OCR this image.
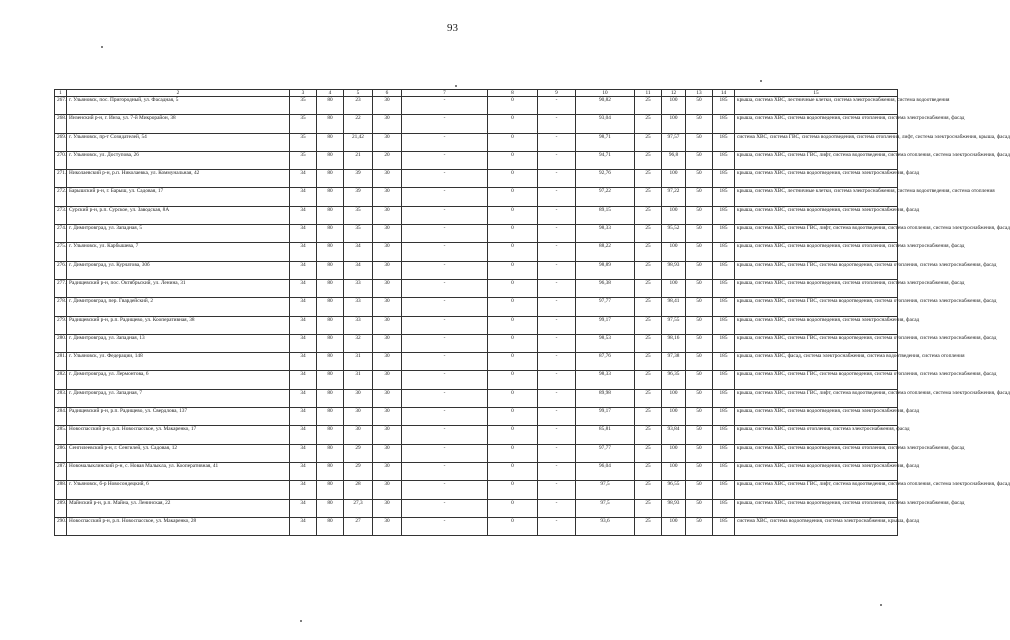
93
1	2	3	4	5	6	7	8	9	10	11	12	13	14	15
267.	г. Ульяновск, пос. Пригородный, ул. Фасадная, 5	35	80	23	30	-	0	-	90,82	25	100	50	185	крыша, система ХВС, лестничные клетки, система электроснабжения, система водоотведения
268.	Инзенский р-н, г. Инза, ул. 7-й Микрорайон, 38	35	80	22	30	-	0	-	93,04	25	100	50	185	крыша, система ХВС, система водоотведения, система отопления, система электроснабжения, фасад
269.	г. Ульяновск, пр-т Созидателей, 54	35	80	21,42	30	-	0	-	98,71	25	97,57	50	185	система ХВС, система ГВС, система водоотведения, система отопления, лифт, система электроснабжения, крыша, фасад
270.	г. Ульяновск, ул. Доступова, 26	35	80	21	20	-	0	-	94,71	25	96,8	50	185	крыша, система ХВС, система ГВС, лифт, система водоотведения, система отопления, система электроснабжения, фасад
271.	Николаевский р-н, р.п. Николаевка, ул. Коммунальная, 42	34	80	39	30	-	0	-	92,76	25	100	50	185	крыша, система ХВС, система водоотведения, система электроснабжения, фасад
272.	Барышский р-н, г. Барыш, ул. Садовая, 17	34	80	39	30	-	0	-	97,22	25	97,22	50	185	крыша, система ХВС, лестничные клетки, система электроснабжения, система водоотведения, система отопления
273.	Сурский р-н, р.п. Сурское, ул. Заводская, 8А	34	80	35	30	-	0	-	89,15	25	100	50	185	крыша, система ХВС, система водоотведения, система электроснабжения, фасад
274.	г. Димитровград, ул. Западная, 5	34	80	35	30	-	0	-	98,33	25	95,52	50	185	крыша, система ХВС, система ГВС, лифт, система водоотведения, система отопления, система электроснабжения, фасад
275.	г. Ульяновск, ул. Карбышева, 7	34	80	34	30	-	0	-	88,22	25	100	50	185	крыша, система ХВС, система водоотведения, система отопления, система электроснабжения, фасад
276.	г. Димитровград, ул. Курчатова, 30б	34	80	34	30	-	0	-	98,89	25	98,93	50	185	крыша, система ХВС, система ГВС, система водоотведения, система отопления, система электроснабжения, фасад
277.	Радищевский р-н, пос. Октябрьский, ул. Ленина, 31	34	80	33	30	-	0	-	96,38	25	100	50	185	крыша, система ХВС, система водоотведения, система отопления, система электроснабжения, фасад
278.	г. Димитровград, пер. Гвардейский, 2	34	80	33	30	-	0	-	97,77	25	98,41	50	185	крыша, система ХВС, система ГВС, система водоотведения, система отопления, система электроснабжения, фасад
279.	Радищевский р-н, р.п. Радищево, ул. Кооперативная, 38	34	80	33	30	-	0	-	99,17	25	97,55	50	185	крыша, система ХВС, система водоотведения, система электроснабжения, фасад
280.	г. Димитровград, ул. Западная, 13	34	80	32	30	-	0	-	98,53	25	98,16	50	185	крыша, система ХВС, система ГВС, система водоотведения, система отопления, система электроснабжения, фасад
281.	г. Ульяновск, ул. Федерации, 148	34	80	31	30	-	0	-	87,76	25	97,38	50	185	крыша, система ХВС, фасад, система электроснабжения, система водоотведения, система отопления
282.	г. Димитровград, ул. Лермонтова, 6	34	80	31	30	-	0	-	98,33	25	96,35	50	185	крыша, система ХВС, система ГВС, система водоотведения, система отопления, система электроснабжения, фасад
283.	г. Димитровград, ул. Западная, 7	34	80	30	30	-	0	-	89,98	25	100	50	185	крыша, система ХВС, система ГВС, лифт, система водоотведения, система отопления, система электроснабжения, фасад
284.	Радищевский р-н, р.п. Радищево, ул. Свердлова, 137	34	80	30	30	-	0	-	99,17	25	100	50	185	крыша, система ХВС, система водоотведения, система электроснабжения, фасад
285.	Новоспасский р-н, р.п. Новоспасское, ул. Макаренко, 17	34	80	30	30	-	0	-	85,81	25	93,84	50	185	крыша, система ХВС, система отопления, система электроснабжения, фасад
286.	Сенгилеевский р-н, г. Сенгилей, ул. Садовая, 12	34	80	29	30	-	0	-	97,77	25	100	50	185	крыша, система ХВС, система водоотведения, система отопления, система электроснабжения, фасад
287.	Новомалыклинский р-н, с. Новая Малыкла, ул. Кооперативная, 41	34	80	29	30	-	0	-	96,04	25	100	50	185	крыша, система ХВС, система водоотведения, система электроснабжения, фасад
288.	г. Ульяновск, б-р Новосондецкий, 6	34	80	28	30	-	0	-	97,5	25	96,55	50	185	крыша, система ХВС, система ГВС, лифт, система водоотведения, система отопления, система электроснабжения, фасад
289.	Майнский р-н, р.п. Майна, ул. Ленинская, 22	34	80	27,3	30	-	0	-	97,5	25	98,93	50	185	крыша, система ХВС, система водоотведения, система отопления, система электроснабжения, фасад
290.	Новоспасский р-н, р.п. Новоспасское, ул. Макаренко, 28	34	80	27	30	-	0	-	93,6	25	100	50	185	система ХВС, система водоотведения, система электроснабжения, крыша, фасад
